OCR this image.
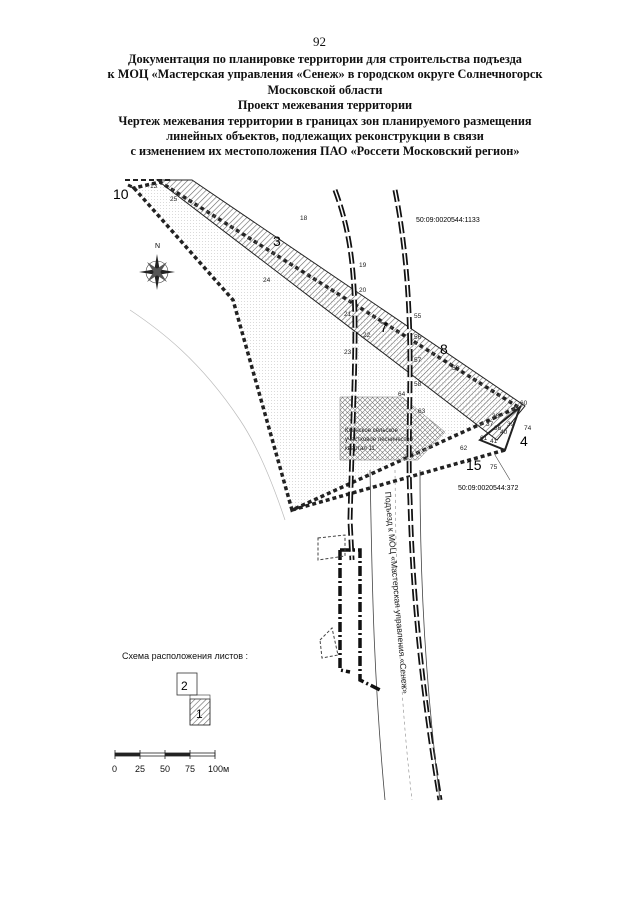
92
Документация по планировке территории для строительства подъезда
к МОЦ «Мастерская управления «Сенеж» в городском округе Солнечногорск
Московской области
Проект межевания территории
Чертеж межевания территории в границах зон планируемого размещения
линейных объектов, подлежащих реконструкции в связи
с изменением их местоположения ПАО «Россети Московский регион»
N	3
7
8
4
10
15
13
25
18
19
20
24
21
22
23
55
56
57
58
59
60
64
63
62
61 41
40
39
38
37
36	74
75
50:09:0020544:1133
50:09:0020544:372
Клинское сельское
участковое лесничество
квартал 11
Подъезд к МОЦ «Мастерская управления «Сенеж»
2
1
Схема расположения листов :
0 25 50 75 100м
